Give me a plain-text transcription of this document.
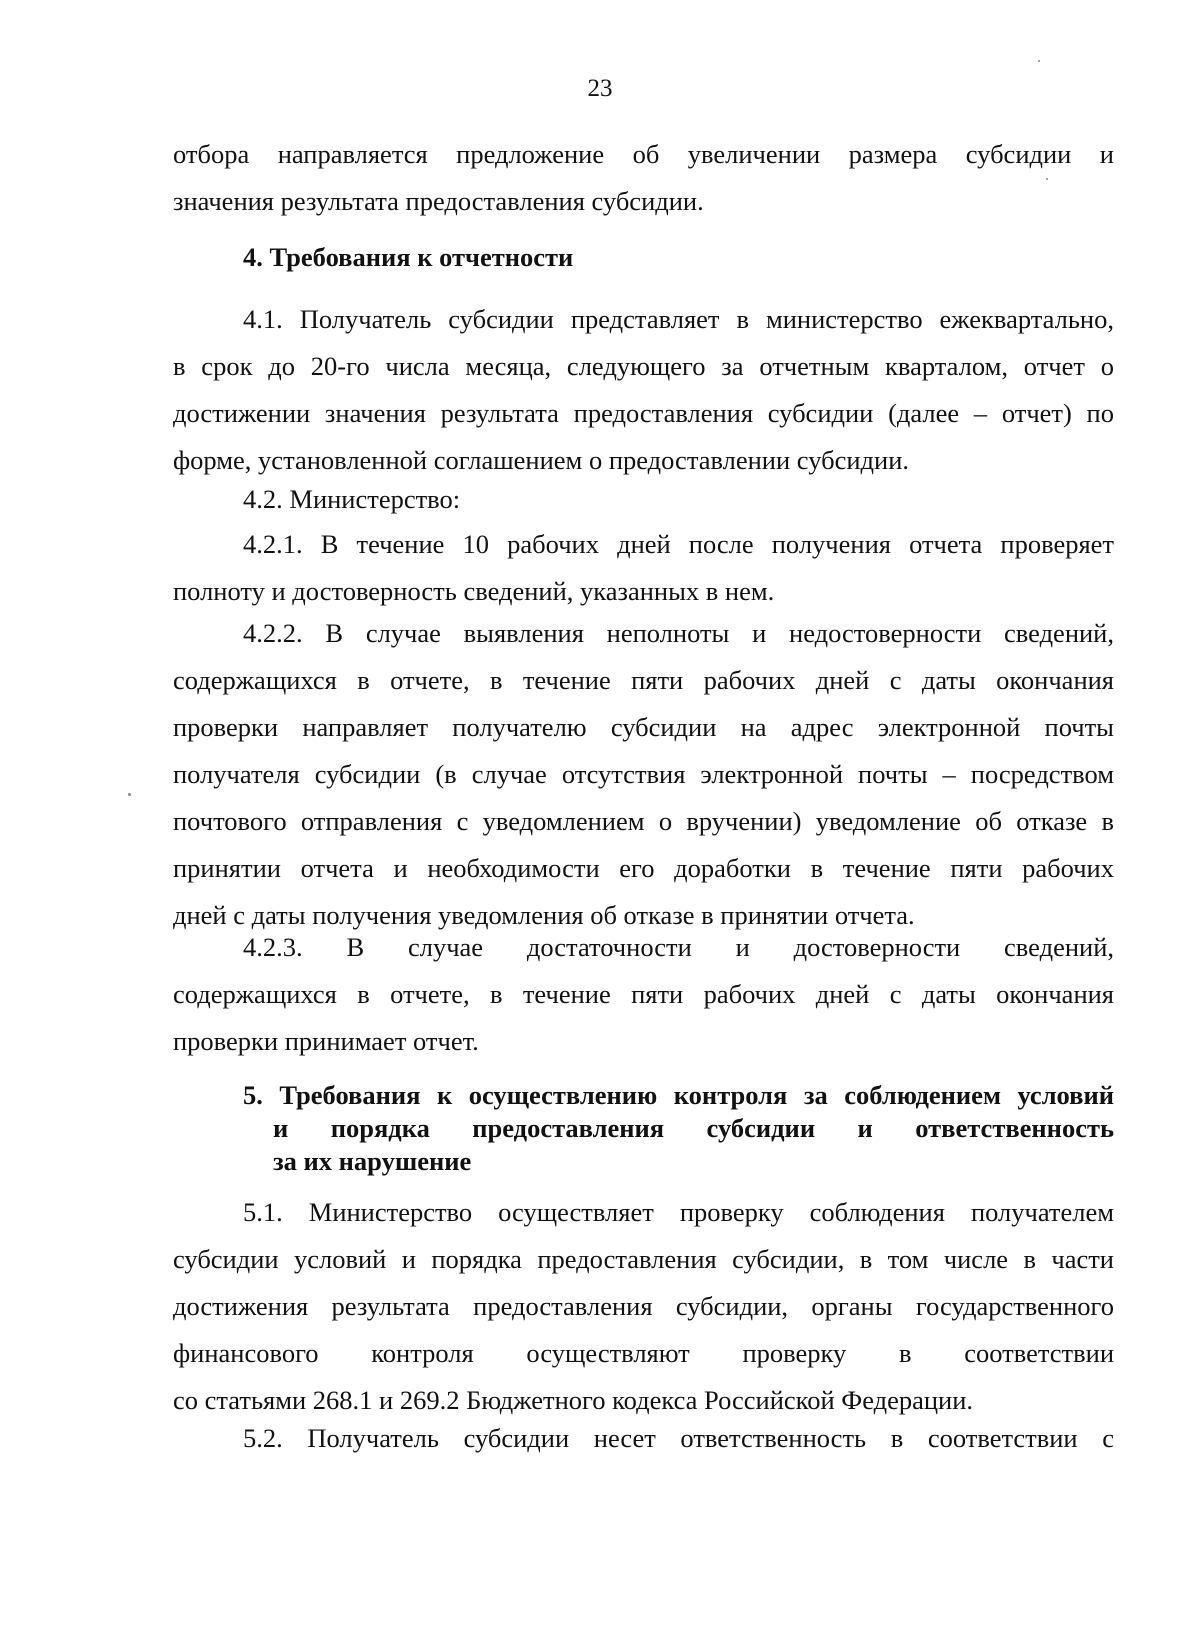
23
отбора направляется предложение об увеличении размера субсидии и
значения результата предоставления субсидии.
4. Требования к отчетности
4.1. Получатель субсидии представляет в министерство ежеквартально,
в срок до 20-го числа месяца, следующего за отчетным кварталом, отчет о
достижении значения результата предоставления субсидии (далее – отчет) по
форме, установленной соглашением о предоставлении субсидии.
4.2. Министерство:
4.2.1. В течение 10 рабочих дней после получения отчета проверяет
полноту и достоверность сведений, указанных в нем.
4.2.2. В случае выявления неполноты и недостоверности сведений,
содержащихся в отчете, в течение пяти рабочих дней с даты окончания
проверки направляет получателю субсидии на адрес электронной почты
получателя субсидии (в случае отсутствия электронной почты – посредством
почтового отправления с уведомлением о вручении) уведомление об отказе в
принятии отчета и необходимости его доработки в течение пяти рабочих
дней с даты получения уведомления об отказе в принятии отчета.
4.2.3. В случае достаточности и достоверности сведений,
содержащихся в отчете, в течение пяти рабочих дней с даты окончания
проверки принимает отчет.
5. Требования к осуществлению контроля за соблюдением условий
и порядка предоставления субсидии и ответственность
за их нарушение
5.1. Министерство осуществляет проверку соблюдения получателем
субсидии условий и порядка предоставления субсидии, в том числе в части
достижения результата предоставления субсидии, органы государственного
финансового контроля осуществляют проверку в соответствии
со статьями 268.1 и 269.2 Бюджетного кодекса Российской Федерации.
5.2. Получатель субсидии несет ответственность в соответствии с
